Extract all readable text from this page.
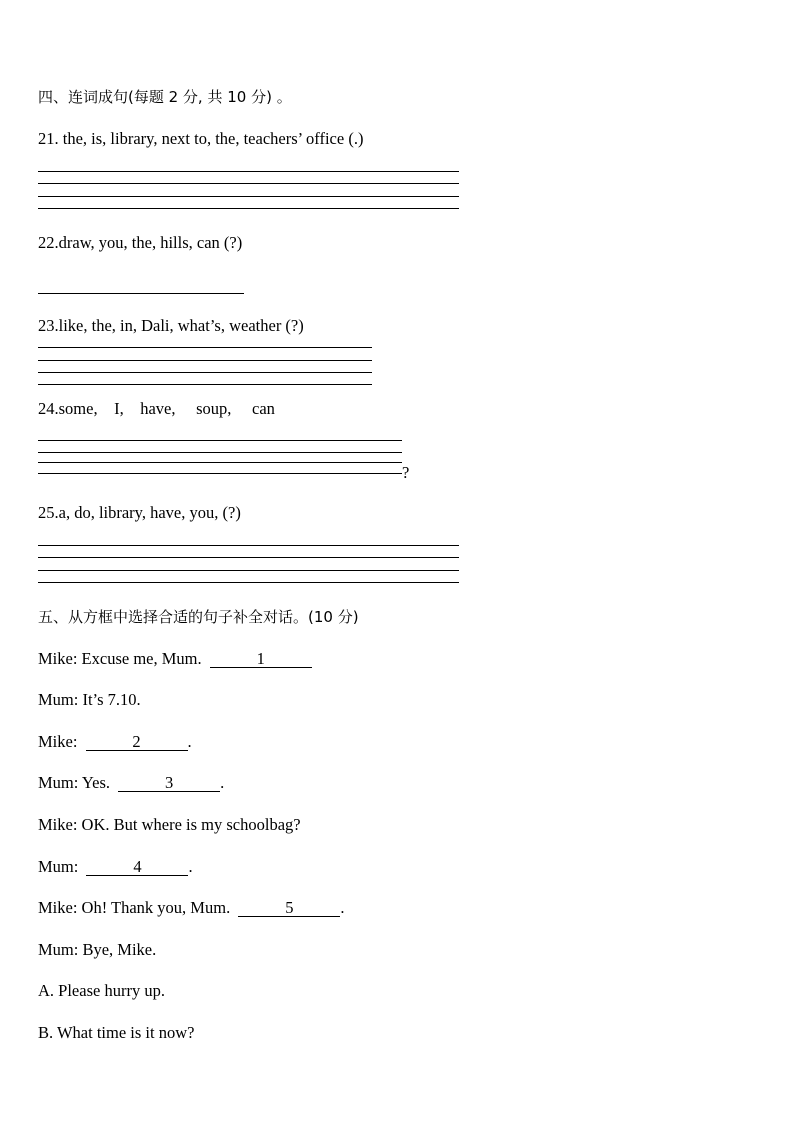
四、连词成句(每题 2 分, 共 10 分) 。
21. the, is, library, next to, the, teachers’ office (.)
22.draw, you, the, hills, can (?)
23.like, the, in, Dali, what’s, weather (?)
24.some,    I,    have,     soup,     can
?
25.a, do, library, have, you, (?)
五、从方框中选择合适的句子补全对话。(10 分)
Mike: Excuse me, Mum.	1
Mum: It’s 7.10.
Mike:	2	.
Mum: Yes.	3	.
Mike: OK. But where is my schoolbag?
Mum:	4	.
Mike: Oh! Thank you, Mum.	5	.
Mum: Bye, Mike.
A. Please hurry up.
B. What time is it now?
